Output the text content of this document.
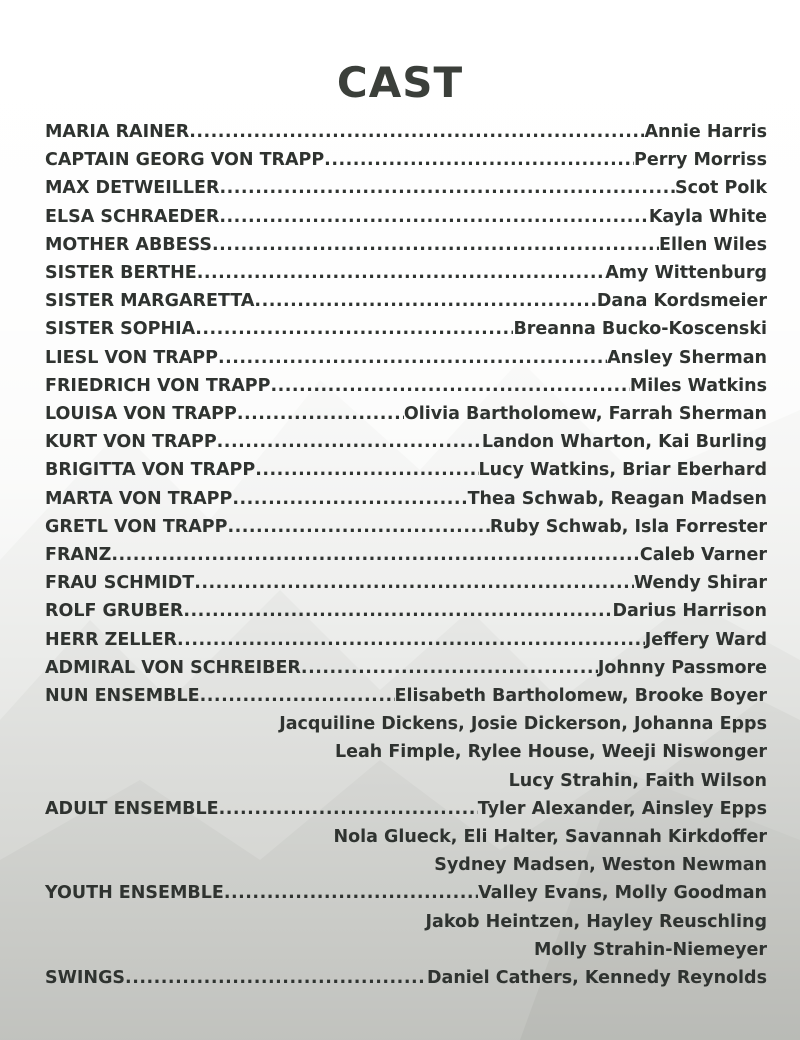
CAST
MARIA RAINER .....	Annie Harris
CAPTAIN GEORG VON TRAPP .....	Perry Morriss
MAX DETWEILLER .....	Scot Polk
ELSA SCHRAEDER .....	Kayla White
MOTHER ABBESS .....	Ellen Wiles
SISTER BERTHE .....	Amy Wittenburg
SISTER MARGARETTA .....	Dana Kordsmeier
SISTER SOPHIA .....	Breanna Bucko-Koscenski
LIESL VON TRAPP .....	Ansley Sherman
FRIEDRICH VON TRAPP .....	Miles Watkins
LOUISA VON TRAPP .....	Olivia Bartholomew, Farrah Sherman
KURT VON TRAPP .....	Landon Wharton, Kai Burling
BRIGITTA VON TRAPP .....	Lucy Watkins, Briar Eberhard
MARTA VON TRAPP .....	Thea Schwab, Reagan Madsen
GRETL VON TRAPP .....	Ruby Schwab, Isla Forrester
FRANZ .....	Caleb Varner
FRAU SCHMIDT .....	Wendy Shirar
ROLF GRUBER .....	Darius Harrison
HERR ZELLER .....	Jeffery Ward
ADMIRAL VON SCHREIBER .....	Johnny Passmore
NUN ENSEMBLE .....	Elisabeth Bartholomew, Brooke Boyer
Jacquiline Dickens, Josie Dickerson, Johanna Epps
Leah Fimple, Rylee House, Weeji Niswonger
Lucy Strahin, Faith Wilson
ADULT ENSEMBLE .....	Tyler Alexander, Ainsley Epps
Nola Glueck, Eli Halter, Savannah Kirkdoffer
Sydney Madsen, Weston Newman
YOUTH ENSEMBLE .....	Valley Evans, Molly Goodman
Jakob Heintzen, Hayley Reuschling
Molly Strahin-Niemeyer
SWINGS .....	Daniel Cathers, Kennedy Reynolds
